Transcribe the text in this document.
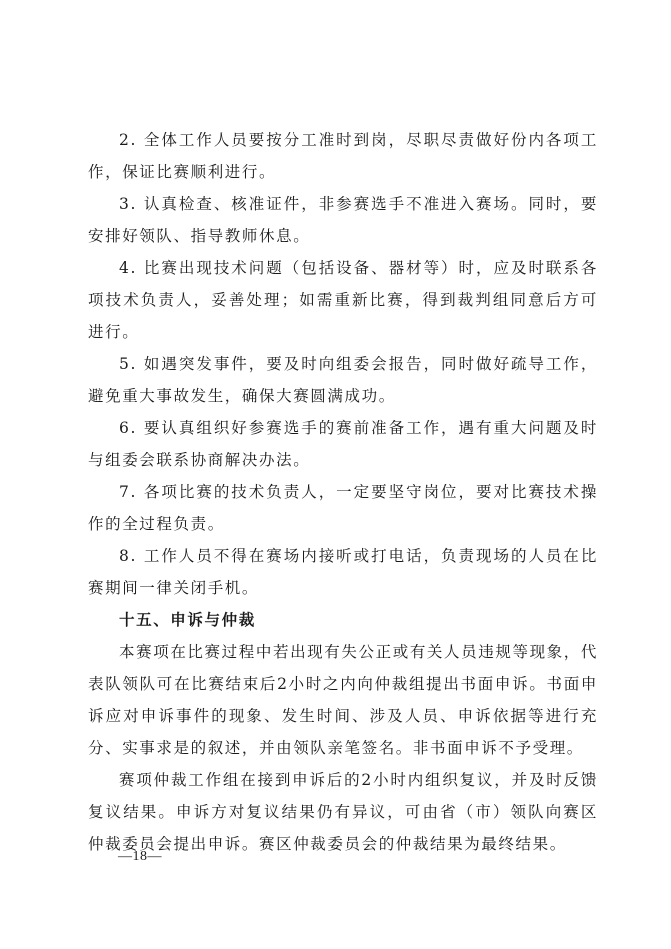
2. 全体工作人员要按分工准时到岗，尽职尽责做好份内各项工作，保证比赛顺利进行。

3. 认真检查、核准证件，非参赛选手不准进入赛场。同时，要安排好领队、指导教师休息。

4. 比赛出现技术问题（包括设备、器材等）时，应及时联系各项技术负责人，妥善处理；如需重新比赛，得到裁判组同意后方可进行。

5. 如遇突发事件，要及时向组委会报告，同时做好疏导工作，避免重大事故发生，确保大赛圆满成功。

6. 要认真组织好参赛选手的赛前准备工作，遇有重大问题及时与组委会联系协商解决办法。

7. 各项比赛的技术负责人，一定要坚守岗位，要对比赛技术操作的全过程负责。

8. 工作人员不得在赛场内接听或打电话，负责现场的人员在比赛期间一律关闭手机。

十五、申诉与仲裁

本赛项在比赛过程中若出现有失公正或有关人员违规等现象，代表队领队可在比赛结束后2小时之内向仲裁组提出书面申诉。书面申诉应对申诉事件的现象、发生时间、涉及人员、申诉依据等进行充分、实事求是的叙述，并由领队亲笔签名。非书面申诉不予受理。

赛项仲裁工作组在接到申诉后的2小时内组织复议，并及时反馈复议结果。申诉方对复议结果仍有异议，可由省（市）领队向赛区仲裁委员会提出申诉。赛区仲裁委员会的仲裁结果为最终结果。

—18—
